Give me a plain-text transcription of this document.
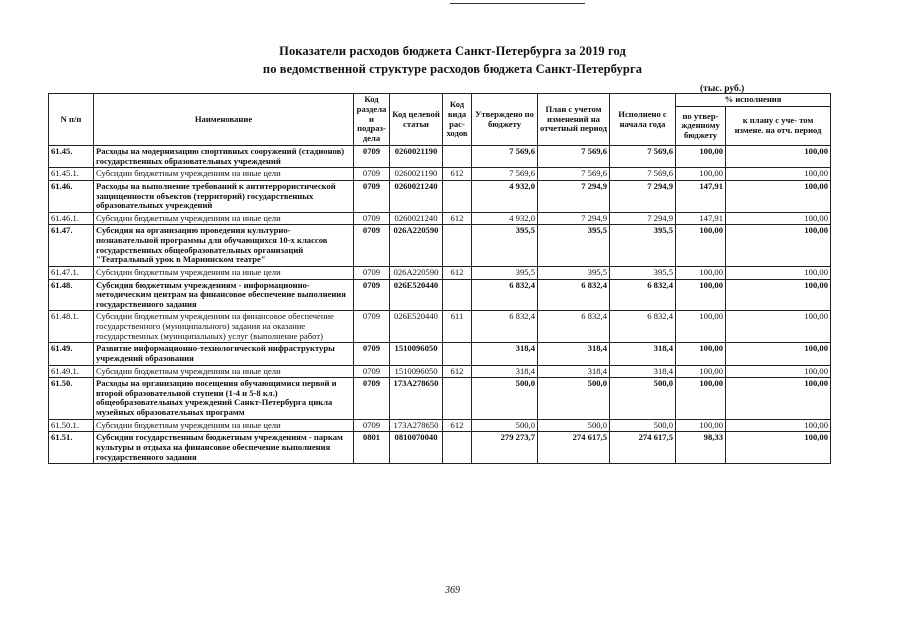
Показатели расходов бюджета Санкт-Петербурга за 2019 год
по ведомственной структуре расходов бюджета Санкт-Петербурга
(тыс. руб.)
N п/п	Наименование	Код раздела и подраз- дела	Код целевой статьи	Код вида рас- ходов	Утверждено по бюджету	План с учетом изменений на отчетный период	Исполнено с начала года	% исполнения	
								по утвер- жденному бюджету	к плану с уче- том измене. на отч. период
61.45.	Расходы на модернизацию спортивных сооружений (стадионов) государственных образовательных учреждений	0709	0260021190		7 569,6	7 569,6	7 569,6	100,00	100,00
61.45.1.	Субсидии бюджетным учреждениям на иные цели	0709	0260021190	612	7 569,6	7 569,6	7 569,6	100,00	100,00
61.46.	Расходы на выполнение требований к антитеррористической защищенности объектов (территорий) государственных образовательных учреждений	0709	0260021240		4 932,0	7 294,9	7 294,9	147,91	100,00
61.46.1.	Субсидии бюджетным учреждениям на иные цели	0709	0260021240	612	4 932,0	7 294,9	7 294,9	147,91	100,00
61.47.	Субсидия на организацию проведения культурно-познавательной программы для обучающихся 10-х классов государственных общеобразовательных организаций "Театральный урок в Мариинском театре"	0709	026A220590		395,5	395,5	395,5	100,00	100,00
61.47.1.	Субсидии бюджетным учреждениям на иные цели	0709	026A220590	612	395,5	395,5	395,5	100,00	100,00
61.48.	Субсидия бюджетным учреждениям - информационно-методическим центрам на финансовое обеспечение выполнения государственного задания	0709	026E520440		6 832,4	6 832,4	6 832,4	100,00	100,00
61.48.1.	Субсидии бюджетным учреждениям на финансовое обеспечение государственного (муниципального) задания на оказание государственных (муниципальных) услуг (выполнение работ)	0709	026E520440	611	6 832,4	6 832,4	6 832,4	100,00	100,00
61.49.	Развитие информационно-технологической инфраструктуры учреждений образования	0709	1510096050		318,4	318,4	318,4	100,00	100,00
61.49.1.	Субсидии бюджетным учреждениям на иные цели	0709	1510096050	612	318,4	318,4	318,4	100,00	100,00
61.50.	Расходы на организацию посещения обучающимися первой и второй образовательной ступени (1-4 и 5-8 кл.) общеобразовательных учреждений Санкт-Петербурга цикла музейных образовательных программ	0709	173A278650		500,0	500,0	500,0	100,00	100,00
61.50.1.	Субсидии бюджетным учреждениям на иные цели	0709	173A278650	612	500,0	500,0	500,0	100,00	100,00
61.51.	Субсидии государственным бюджетным учреждениям - паркам культуры и отдыха на финансовое обеспечение выполнения государственного задания	0801	0810070040		279 273,7	274 617,5	274 617,5	98,33	100,00
369
